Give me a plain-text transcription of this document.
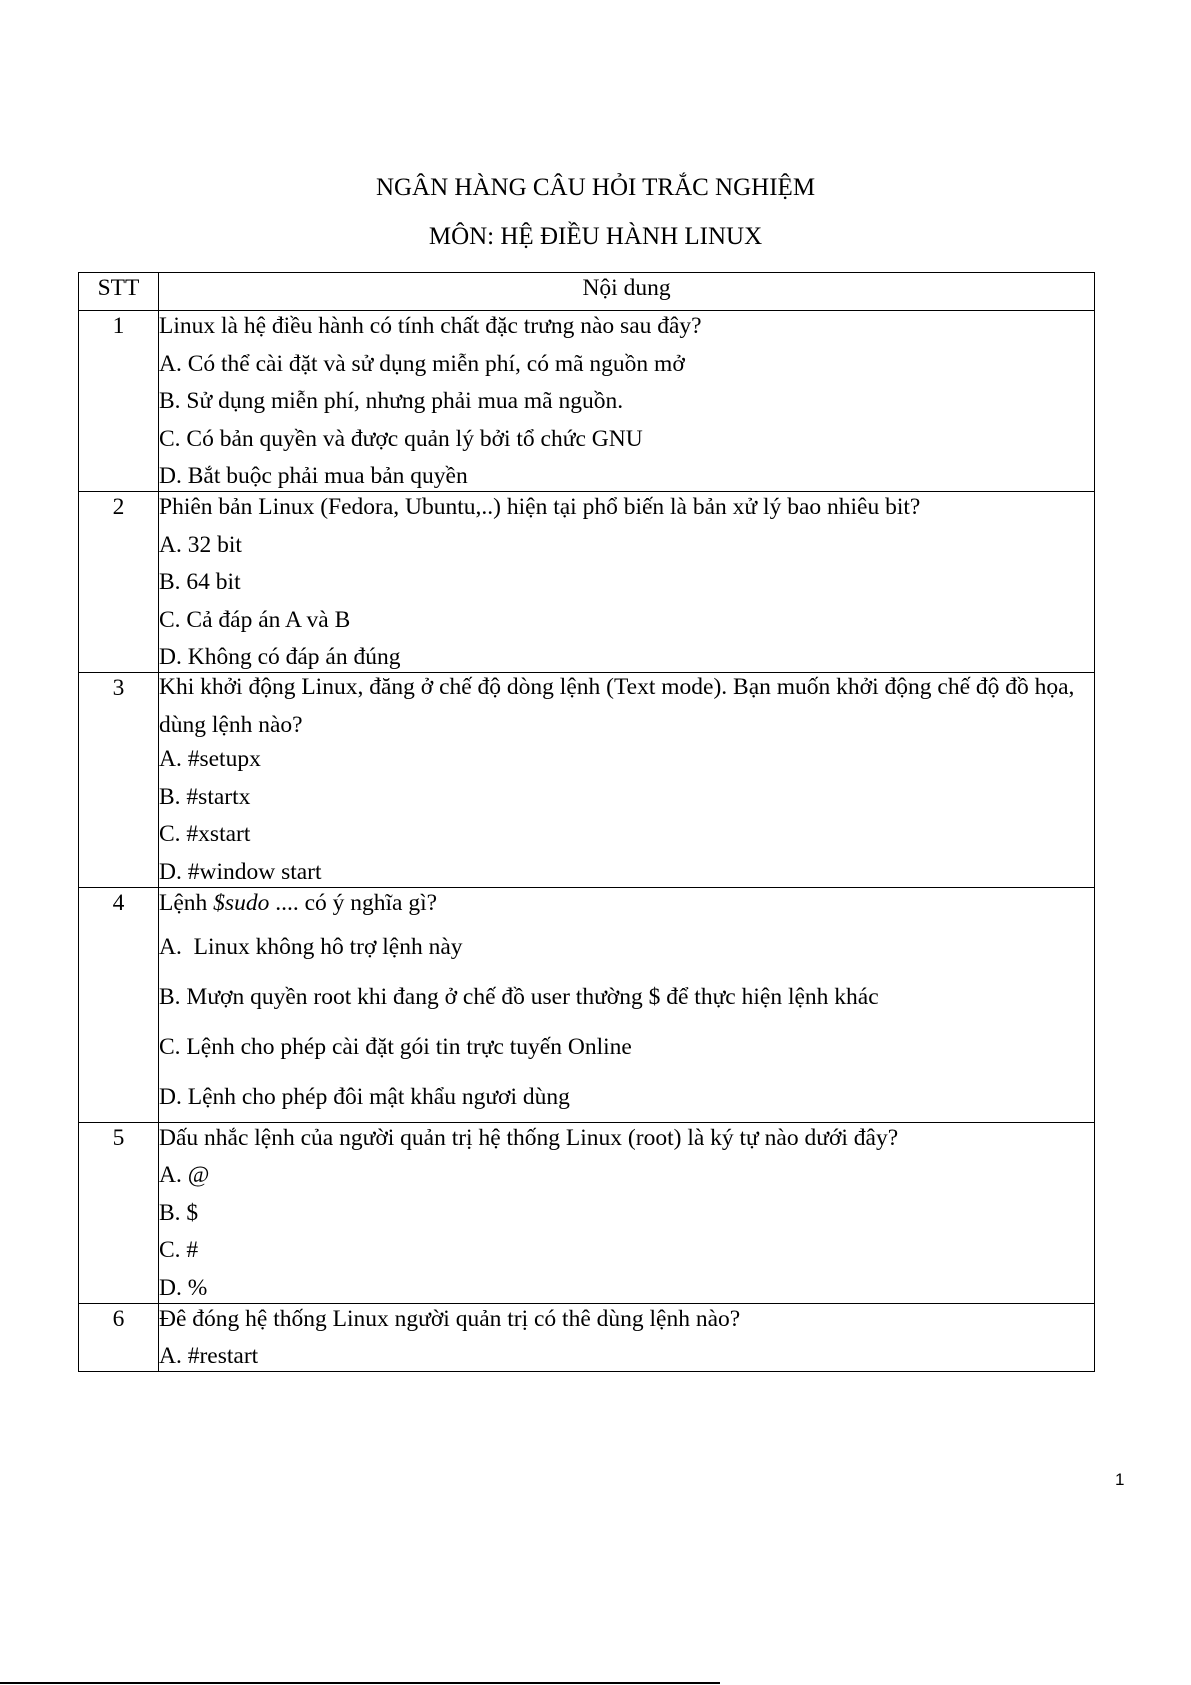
NGÂN HÀNG CÂU HỎI TRẮC NGHIỆM
MÔN: HỆ ĐIỀU HÀNH LINUX
STT	Nội dung
1	Linux là hệ điều hành có tính chất đặc trưng nào sau đây?
A. Có thể cài đặt và sử dụng miễn phí, có mã nguồn mở
B. Sử dụng miễn phí, nhưng phải mua mã nguồn.
C. Có bản quyền và được quản lý bởi tổ chức GNU
D. Bắt buộc phải mua bản quyền

2	Phiên bản Linux (Fedora, Ubuntu,..) hiện tại phổ biến là bản xử lý bao nhiêu bit?
A. 32 bit
B. 64 bit
C. Cả đáp án A và B
D. Không có đáp án đúng

3	Khi khởi động Linux, đăng ở chế độ dòng lệnh (Text mode). Bạn muốn khởi động chế độ đồ họa, dùng lệnh nào?
A. #setupx
B. #startx
C. #xstart
D. #window start

4	Lệnh $sudo .... có ý nghĩa gì?
A.  Linux không hô trợ lệnh này
B. Mượn quyền root khi đang ở chế đồ user thường $ để thực hiện lệnh khác
C. Lệnh cho phép cài đặt gói tin trực tuyến Online
D. Lệnh cho phép đôi mật khẩu ngươi dùng

5	Dấu nhắc lệnh của người quản trị hệ thống Linux (root) là ký tự nào dưới đây?
A. @
B. $
C. #
D. %

6	Đê đóng hệ thống Linux người quản trị có thê dùng lệnh nào?
A. #restart
1
